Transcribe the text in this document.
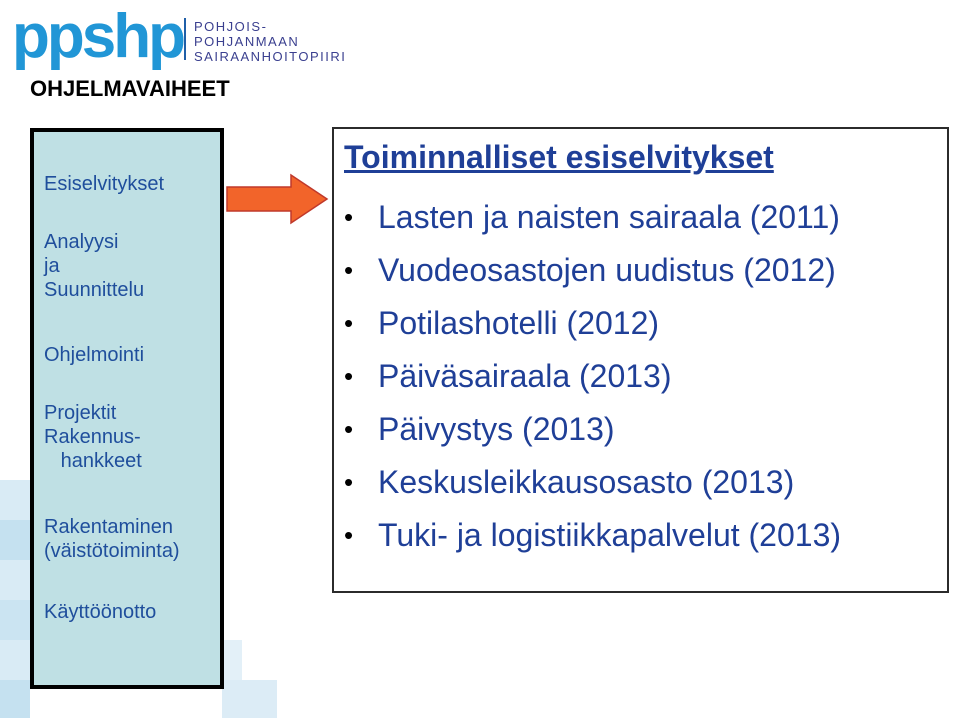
ppshp POHJOIS-POHJANMAAN
SAIRAANHOITOPIIRI
OHJELMAVAIHEET
Esiselvitykset
Analyysi
ja
Suunnittelu
Ohjelmointi
Projektit
Rakennus-
hankkeet
Rakentaminen
(väistötoiminta)
Käyttöönotto
Toiminnalliset esiselvitykset
• Lasten ja naisten sairaala (2011)
• Vuodeosastojen uudistus (2012)
• Potilashotelli (2012)
• Päiväsairaala (2013)
• Päivystys (2013)
• Keskusleikkausosasto (2013)
• Tuki- ja logistiikkapalvelut (2013)
